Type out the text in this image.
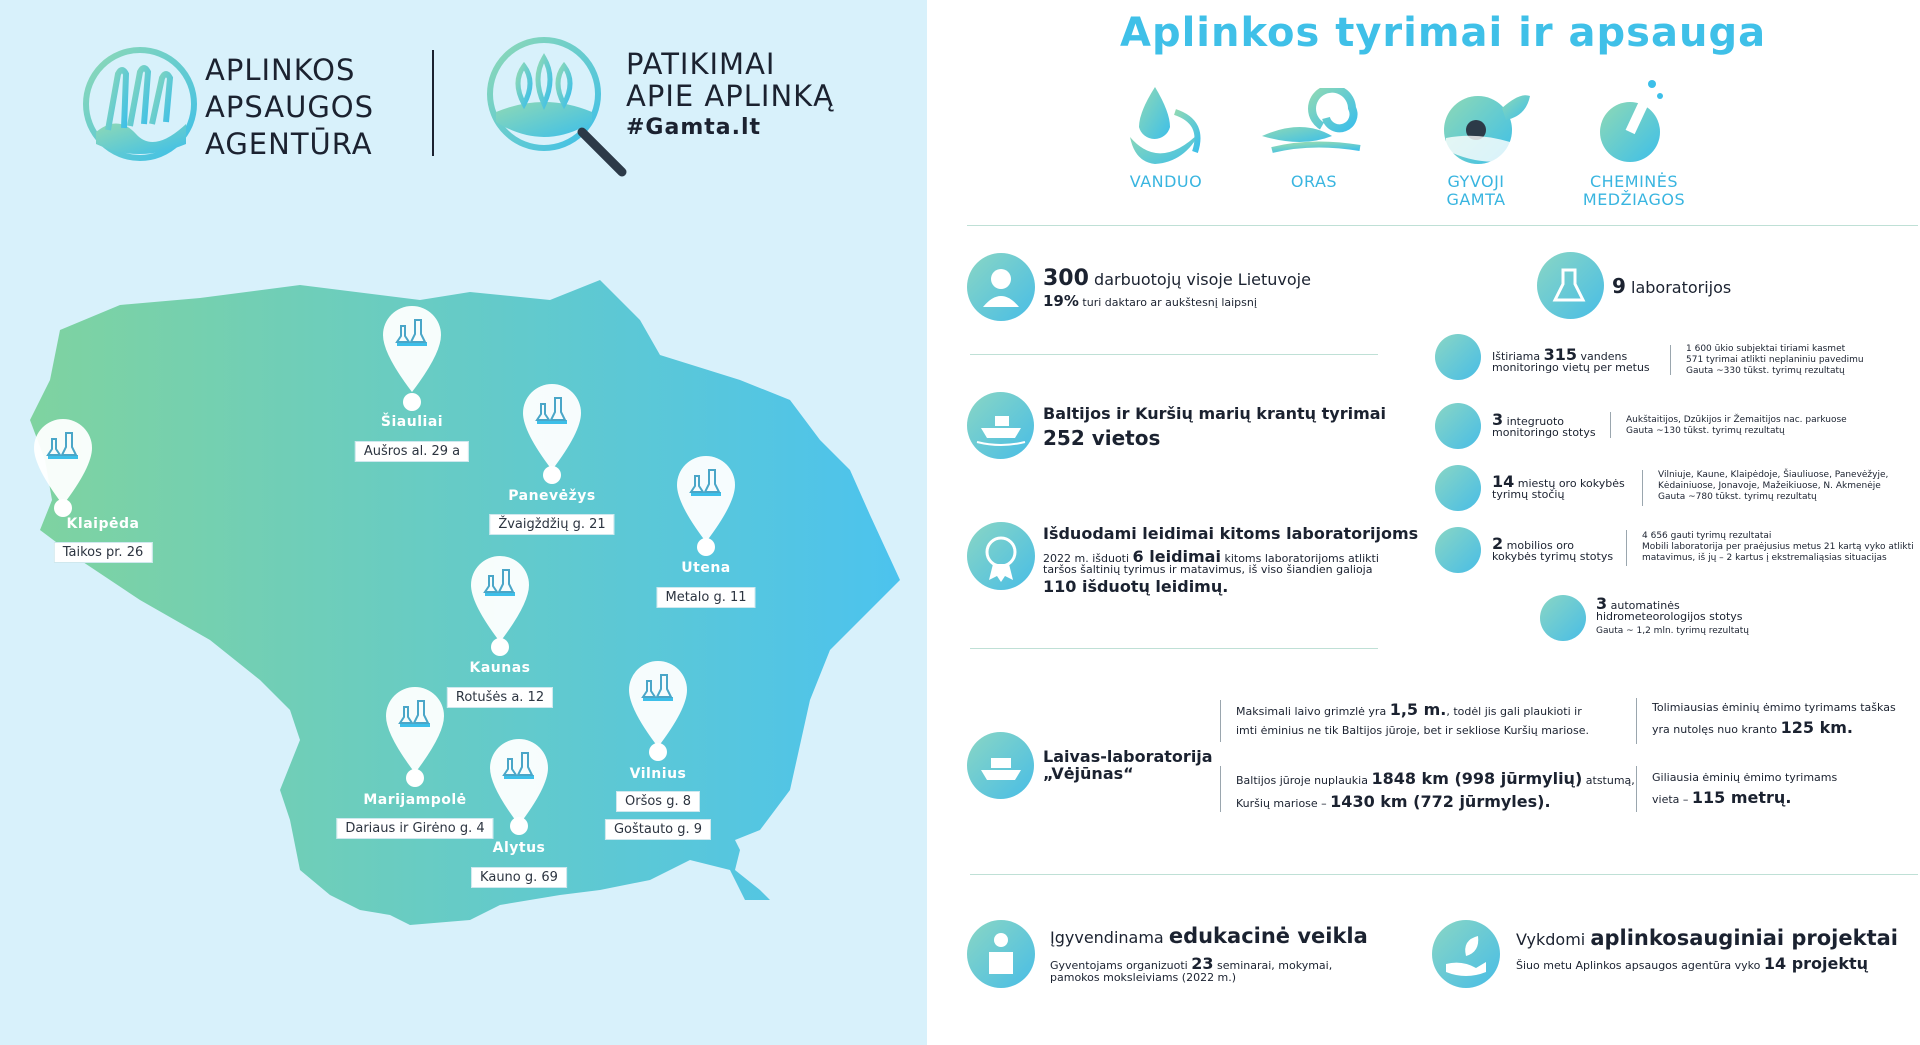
APLINKOS
APSAUGOS
AGENTŪRA
PATIKIMAI
APIE APLINKĄ
#Gamta.lt
Klaipėda
Taikos pr. 26
Šiauliai
Aušros al. 29 a
Panevėžys
Žvaigždžių g. 21
Utena
Metalo g. 11
Kaunas
Rotušės a. 12
Marijampolė
Dariaus ir Girėno g. 4
Alytus
Kauno g. 69
Vilnius
Oršos g. 8
Goštauto g. 9
Aplinkos tyrimai ir apsauga
VANDUO	ORAS	GYVOJI
GAMTA
CHEMINĖS
MEDŽIAGOS
300 darbuotojų visoje Lietuvoje
19% turi daktaro ar aukštesnį laipsnį
9 laboratorijos
Baltijos ir Kuršių marių krantų tyrimai
252 vietos
Išduodami leidimai kitoms laboratorijoms
2022 m. išduoti 6 leidimai kitoms laboratorijoms atlikti
taršos šaltinių tyrimus ir matavimus, iš viso šiandien galioja
110 išduotų leidimų.
Ištiriama 315 vandens
monitoringo vietų per metus
1 600 ūkio subjektai tiriami kasmet
571 tyrimai atlikti neplaniniu pavedimu
Gauta ~330 tūkst. tyrimų rezultatų
3 integruoto
monitoringo stotys
Aukštaitijos, Dzūkijos ir Žemaitijos nac. parkuose
Gauta ~130 tūkst. tyrimų rezultatų
14 miestų oro kokybės
tyrimų stočių
Vilniuje, Kaune, Klaipėdoje, Šiauliuose, Panevėžyje,
Kėdainiuose, Jonavoje, Mažeikiuose, N. Akmenėje
Gauta ~780 tūkst. tyrimų rezultatų
2 mobilios oro
kokybės tyrimų stotys
4 656 gauti tyrimų rezultatai
Mobili laboratorija per praėjusius metus 21 kartą vyko atlikti
matavimus, iš jų – 2 kartus į ekstremaliąsias situacijas
3 automatinės
hidrometeorologijos stotys
Gauta ~ 1,2 mln. tyrimų rezultatų
Laivas-laboratorija
„Vėjūnas“
Maksimali laivo grimzlė yra 1,5 m., todėl jis gali plaukioti ir
imti ėminius ne tik Baltijos jūroje, bet ir sekliose Kuršių mariose.
Baltijos jūroje nuplaukia 1848 km (998 jūrmylių) atstumą,
Kuršių mariose – 1430 km (772 jūrmyles).
Tolimiausias ėminių ėmimo tyrimams taškas
yra nutolęs nuo kranto 125 km.
Giliausia ėminių ėmimo tyrimams
vieta – 115 metrų.
Įgyvendinama edukacinė veikla
Gyventojams organizuoti 23 seminarai, mokymai,
pamokos moksleiviams (2022 m.)
Vykdomi aplinkosauginiai projektai
Šiuo metu Aplinkos apsaugos agentūra vyko 14 projektų
